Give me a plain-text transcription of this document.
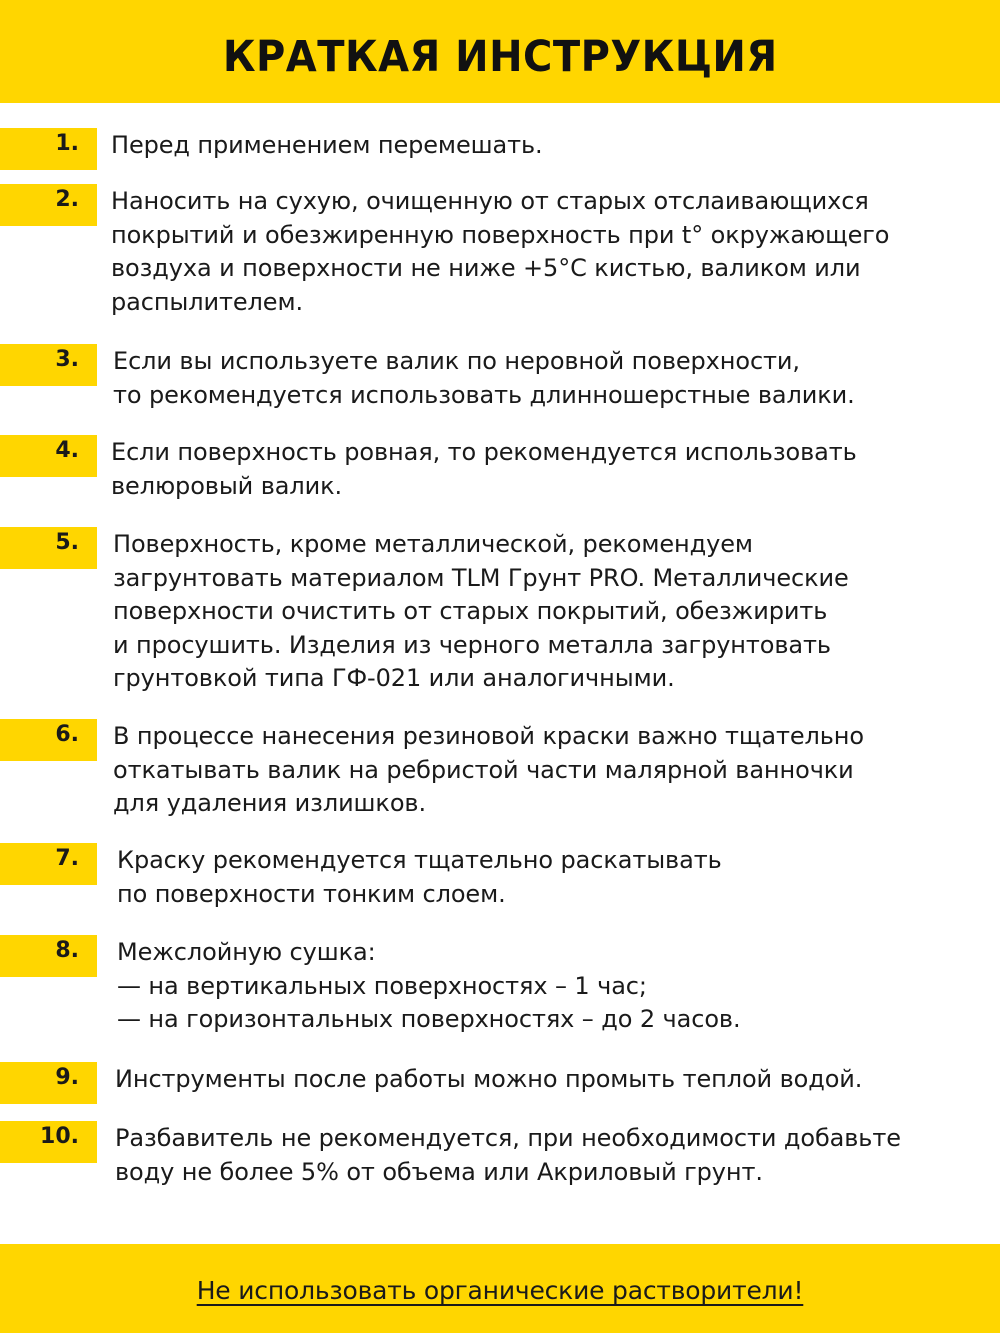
КРАТКАЯ ИНСТРУКЦИЯ
1. Перед применением перемешать.
2. Наносить на сухую, очищенную от старых отслаивающихся
покрытий и обезжиренную поверхность при t° окружающего
воздуха и поверхности не ниже +5°С кистью, валиком или
распылителем.
3. Если вы используете валик по неровной поверхности,
то рекомендуется использовать длинношерстные валики.
4. Если поверхность ровная, то рекомендуется использовать
велюровый валик.
5. Поверхность, кроме металлической, рекомендуем
загрунтовать материалом TLM Грунт PRO. Металлические
поверхности очистить от старых покрытий, обезжирить
и просушить. Изделия из черного металла загрунтовать
грунтовкой типа ГФ-021 или аналогичными.
6. В процессе нанесения резиновой краски важно тщательно
откатывать валик на ребристой части малярной ванночки
для удаления излишков.
7. Краску рекомендуется тщательно раскатывать
по поверхности тонким слоем.
8. Межслойную сушка:
— на вертикальных поверхностях – 1 час;
— на горизонтальных поверхностях – до 2 часов.
9. Инструменты после работы можно промыть теплой водой.
10. Разбавитель не рекомендуется, при необходимости добавьте
воду не более 5% от объема или Акриловый грунт.
Не использовать органические растворители!
